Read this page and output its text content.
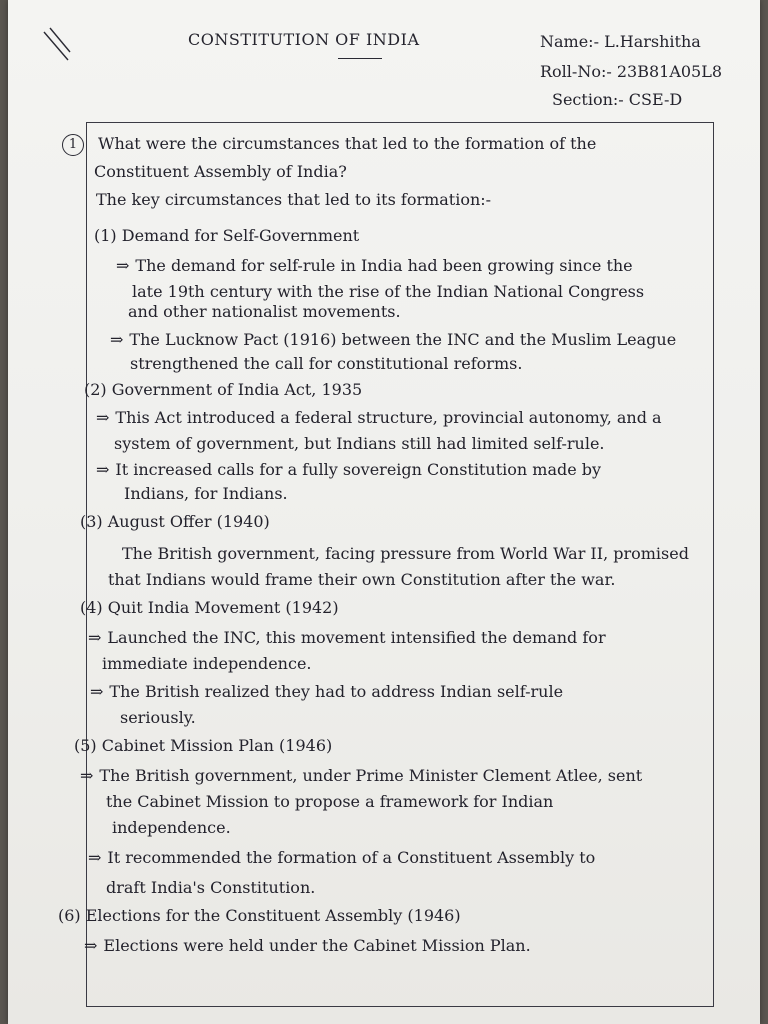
CONSTITUTION OF INDIA	Name:- L.Harshitha
Roll-No:- 23B81A05L8
Section:- CSE-D
1	What were the circumstances that led to the formation of the
Constituent Assembly of India?
The key circumstances that led to its formation:-
(1) Demand for Self-Government
⇒ The demand for self-rule in India had been growing since the
late 19th century with the rise of the Indian National Congress
and other nationalist movements.
⇒ The Lucknow Pact (1916) between the INC and the Muslim League
strengthened the call for constitutional reforms.
(2) Government of India Act, 1935
⇒ This Act introduced a federal structure, provincial autonomy, and a
system of government, but Indians still had limited self-rule.
⇒ It increased calls for a fully sovereign Constitution made by
Indians, for Indians.
(3) August Offer (1940)
The British government, facing pressure from World War II, promised
that Indians would frame their own Constitution after the war.
(4) Quit India Movement (1942)
⇒ Launched the INC, this movement intensified the demand for
immediate independence.
⇒ The British realized they had to address Indian self-rule
seriously.
(5) Cabinet Mission Plan (1946)
⇒ The British government, under Prime Minister Clement Atlee, sent
the Cabinet Mission to propose a framework for Indian
independence.
⇒ It recommended the formation of a Constituent Assembly to
draft India's Constitution.
(6) Elections for the Constituent Assembly (1946)
⇒ Elections were held under the Cabinet Mission Plan.
